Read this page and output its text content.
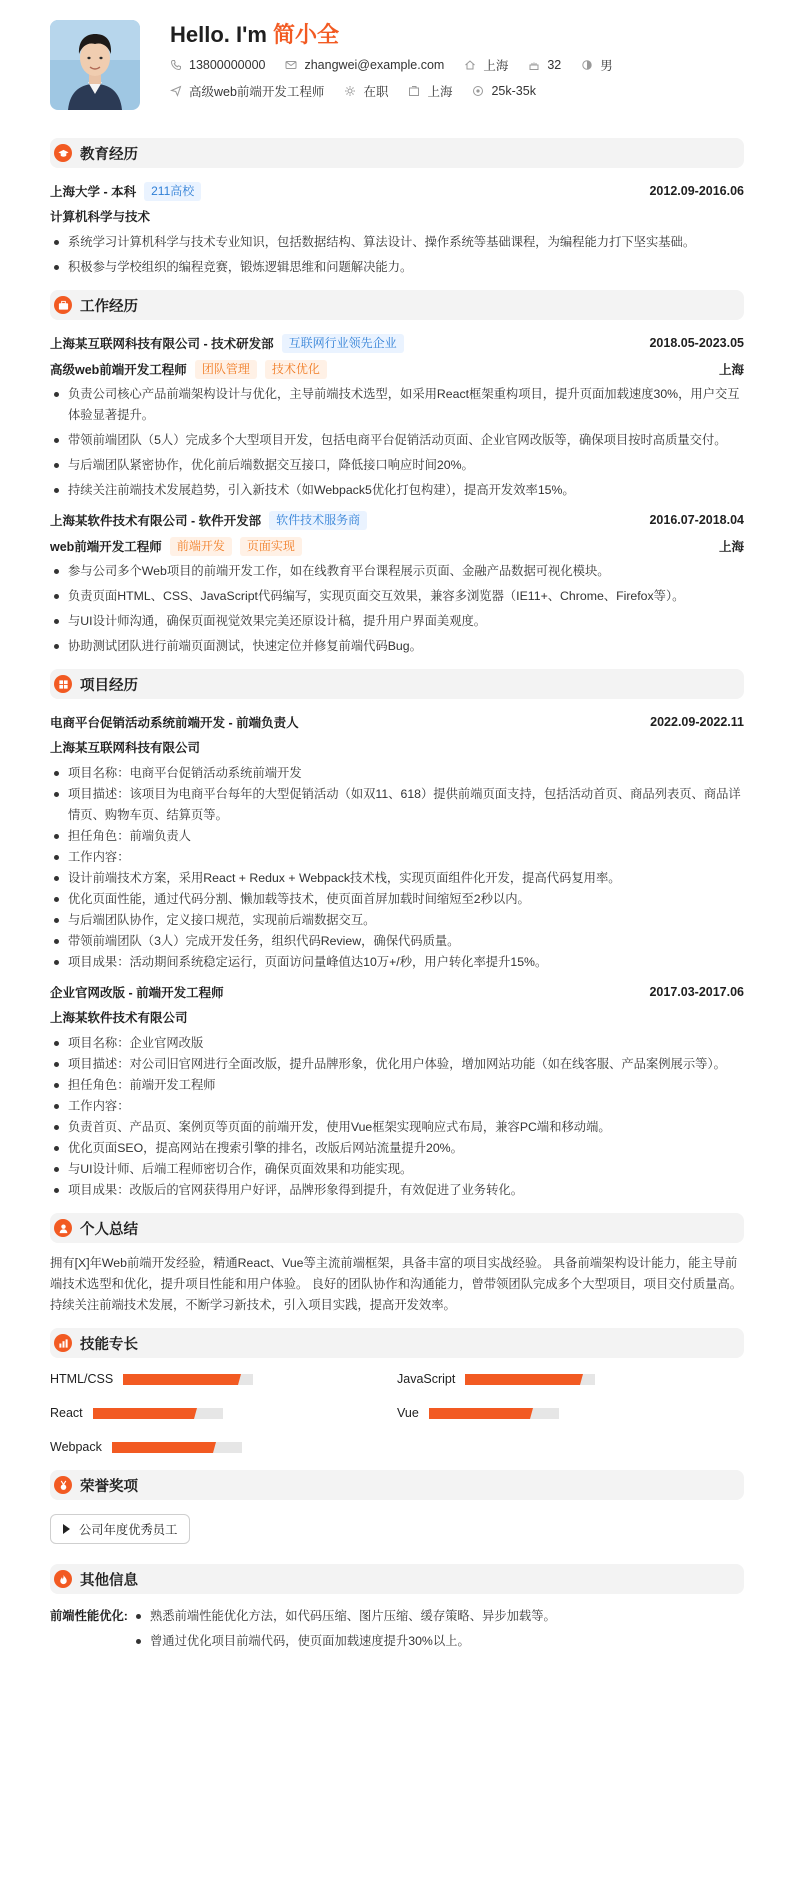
Hello. I'm 简小全
13800000000	zhangwei@example.com	上海	32	男
高级web前端开发工程师	在职	上海	25k-35k
教育经历
上海大学 - 本科	211高校	2012.09-2016.06
计算机科学与技术
系统学习计算机科学与技术专业知识，包括数据结构、算法设计、操作系统等基础课程，为编程能力打下坚实基础。
积极参与学校组织的编程竞赛，锻炼逻辑思维和问题解决能力。
工作经历
上海某互联网科技有限公司 - 技术研发部	互联网行业领先企业	2018.05-2023.05
高级web前端开发工程师	团队管理	技术优化	上海
负责公司核心产品前端架构设计与优化，主导前端技术选型，如采用React框架重构项目，提升页面加载速度30%，用户交互体验显著提升。
带领前端团队（5人）完成多个大型项目开发，包括电商平台促销活动页面、企业官网改版等，确保项目按时高质量交付。
与后端团队紧密协作，优化前后端数据交互接口，降低接口响应时间20%。
持续关注前端技术发展趋势，引入新技术（如Webpack5优化打包构建），提高开发效率15%。
上海某软件技术有限公司 - 软件开发部	软件技术服务商	2016.07-2018.04
web前端开发工程师	前端开发	页面实现	上海
参与公司多个Web项目的前端开发工作，如在线教育平台课程展示页面、金融产品数据可视化模块。
负责页面HTML、CSS、JavaScript代码编写，实现页面交互效果，兼容多浏览器（IE11+、Chrome、Firefox等）。
与UI设计师沟通，确保页面视觉效果完美还原设计稿，提升用户界面美观度。
协助测试团队进行前端页面测试，快速定位并修复前端代码Bug。
项目经历
电商平台促销活动系统前端开发 - 前端负责人	2022.09-2022.11
上海某互联网科技有限公司
项目名称：电商平台促销活动系统前端开发
项目描述：该项目为电商平台每年的大型促销活动（如双11、618）提供前端页面支持，包括活动首页、商品列表页、商品详情页、购物车页、结算页等。
担任角色：前端负责人
工作内容：
设计前端技术方案，采用React + Redux + Webpack技术栈，实现页面组件化开发，提高代码复用率。
优化页面性能，通过代码分割、懒加载等技术，使页面首屏加载时间缩短至2秒以内。
与后端团队协作，定义接口规范，实现前后端数据交互。
带领前端团队（3人）完成开发任务，组织代码Review，确保代码质量。
项目成果：活动期间系统稳定运行，页面访问量峰值达10万+/秒，用户转化率提升15%。
企业官网改版 - 前端开发工程师	2017.03-2017.06
上海某软件技术有限公司
项目名称：企业官网改版
项目描述：对公司旧官网进行全面改版，提升品牌形象，优化用户体验，增加网站功能（如在线客服、产品案例展示等）。
担任角色：前端开发工程师
工作内容：
负责首页、产品页、案例页等页面的前端开发，使用Vue框架实现响应式布局，兼容PC端和移动端。
优化页面SEO，提高网站在搜索引擎的排名，改版后网站流量提升20%。
与UI设计师、后端工程师密切合作，确保页面效果和功能实现。
项目成果：改版后的官网获得用户好评，品牌形象得到提升，有效促进了业务转化。
个人总结

拥有[X]年Web前端开发经验，精通React、Vue等主流前端框架，具备丰富的项目实战经验。 具备前端架构设计能力，能主导前端技术选型和优化，提升项目性能和用户体验。 良好的团队协作和沟通能力，曾带领团队完成多个大型项目，项目交付质量高。 持续关注前端技术发展，不断学习新技术，引入项目实践，提高开发效率。

技能专长
HTML/CSS	JavaScript
React	Vue
Webpack
荣誉奖项
公司年度优秀员工
其他信息
前端性能优化:	熟悉前端性能优化方法，如代码压缩、图片压缩、缓存策略、异步加载等。
曾通过优化项目前端代码，使页面加载速度提升30%以上。
